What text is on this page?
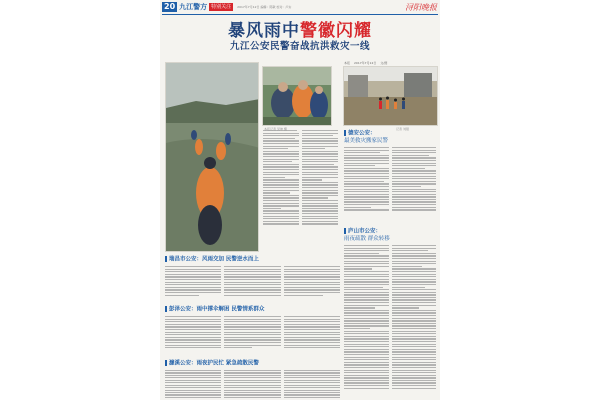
20 九江警方 特别关注	2017年7月12日 编辑：陈敏 校对：卢实	浔阳晚报
暴风雨中警徽闪耀
九江公安民警奋战抗洪救灾一线
德安公安：
最美救灾搬家民警
庐山市公安：
雨夜疏散 群众转移
瑞昌市公安：风雨交加 民警逆水而上
彭泽公安：雨中撑伞解困 民警情系群众
濂溪公安：雨夜护民忙 紧急疏散民警
本报记者 吴坤 摄	记者 刘强
本报 2017年7月12日 文/图
